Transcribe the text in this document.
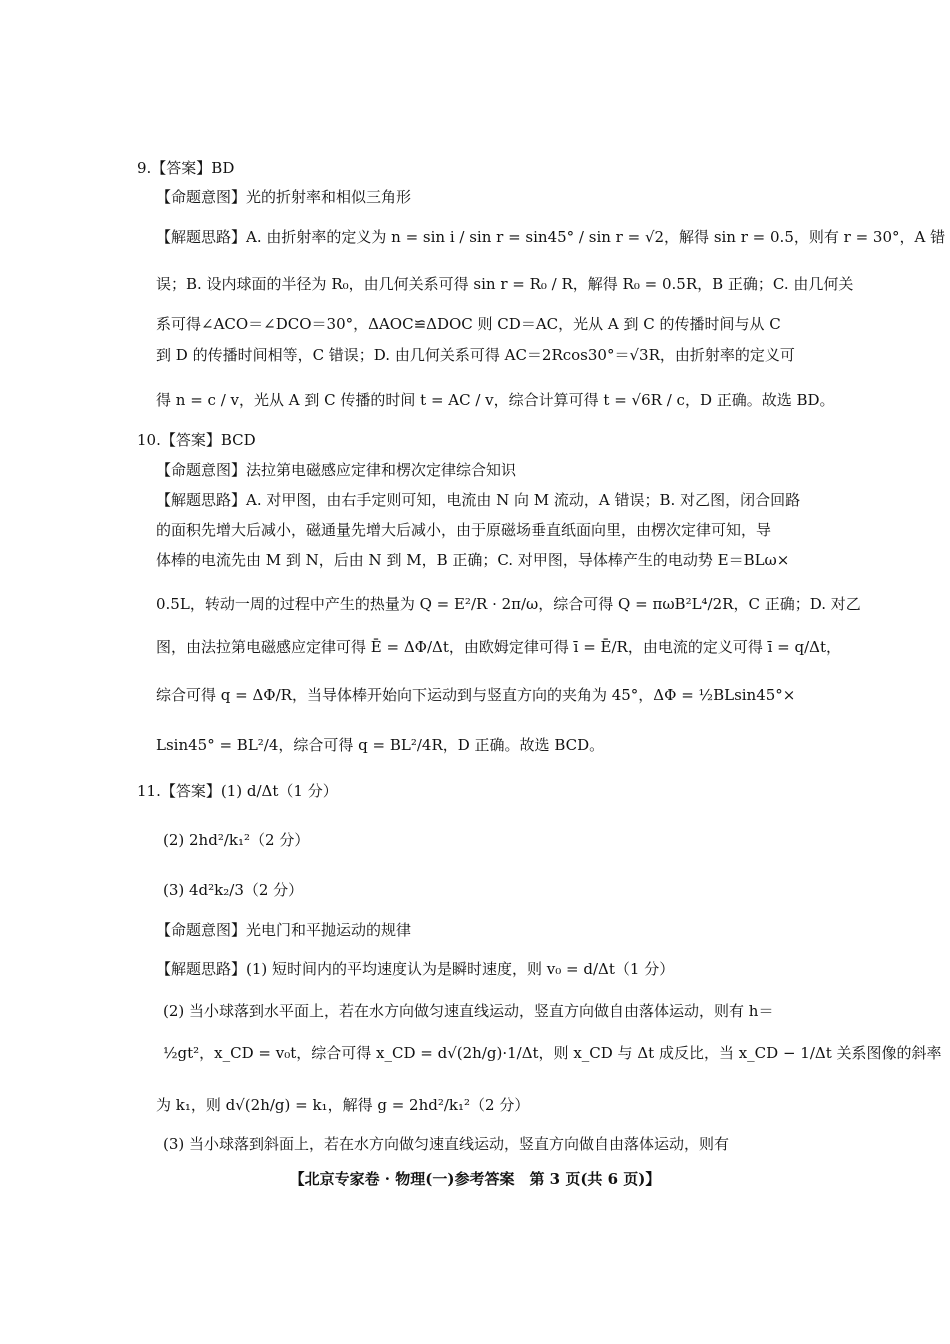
9.【答案】BD
【命题意图】光的折射率和相似三角形
【解题思路】A. 由折射率的定义为 n = sin i / sin r = sin45° / sin r = √2，解得 sin r = 0.5，则有 r = 30°，A 错
误；B. 设内球面的半径为 R₀，由几何关系可得 sin r = R₀ / R，解得 R₀ = 0.5R，B 正确；C. 由几何关
系可得∠ACO＝∠DCO＝30°，ΔAOC≌ΔDOC 则 CD＝AC，光从 A 到 C 的传播时间与从 C
到 D 的传播时间相等，C 错误；D. 由几何关系可得 AC＝2Rcos30°＝√3R，由折射率的定义可
得 n = c / v，光从 A 到 C 传播的时间 t = AC / v，综合计算可得 t = √6R / c，D 正确。故选 BD。
10.【答案】BCD
【命题意图】法拉第电磁感应定律和楞次定律综合知识
【解题思路】A. 对甲图，由右手定则可知，电流由 N 向 M 流动，A 错误；B. 对乙图，闭合回路
的面积先增大后减小，磁通量先增大后减小，由于原磁场垂直纸面向里，由楞次定律可知，导
体棒的电流先由 M 到 N，后由 N 到 M，B 正确；C. 对甲图，导体棒产生的电动势 E＝BLω×
0.5L，转动一周的过程中产生的热量为 Q = E²/R · 2π/ω，综合可得 Q = πωB²L⁴/2R，C 正确；D. 对乙
图，由法拉第电磁感应定律可得 Ē = ΔΦ/Δt，由欧姆定律可得 ī = Ē/R，由电流的定义可得 ī = q/Δt，
综合可得 q = ΔΦ/R，当导体棒开始向下运动到与竖直方向的夹角为 45°，ΔΦ = ½BLsin45°×
Lsin45° = BL²/4，综合可得 q = BL²/4R，D 正确。故选 BCD。
11.【答案】(1) d/Δt（1 分）
(2) 2hd²/k₁²（2 分）
(3) 4d²k₂/3（2 分）
【命题意图】光电门和平抛运动的规律
【解题思路】(1) 短时间内的平均速度认为是瞬时速度，则 v₀ = d/Δt（1 分）
(2) 当小球落到水平面上，若在水方向做匀速直线运动，竖直方向做自由落体运动，则有 h＝
½gt²，x_CD = v₀t，综合可得 x_CD = d√(2h/g)·1/Δt，则 x_CD 与 Δt 成反比，当 x_CD − 1/Δt 关系图像的斜率
为 k₁，则 d√(2h/g) = k₁，解得 g = 2hd²/k₁²（2 分）
(3) 当小球落到斜面上，若在水方向做匀速直线运动，竖直方向做自由落体运动，则有
【北京专家卷 · 物理(一)参考答案　第 3 页(共 6 页)】
